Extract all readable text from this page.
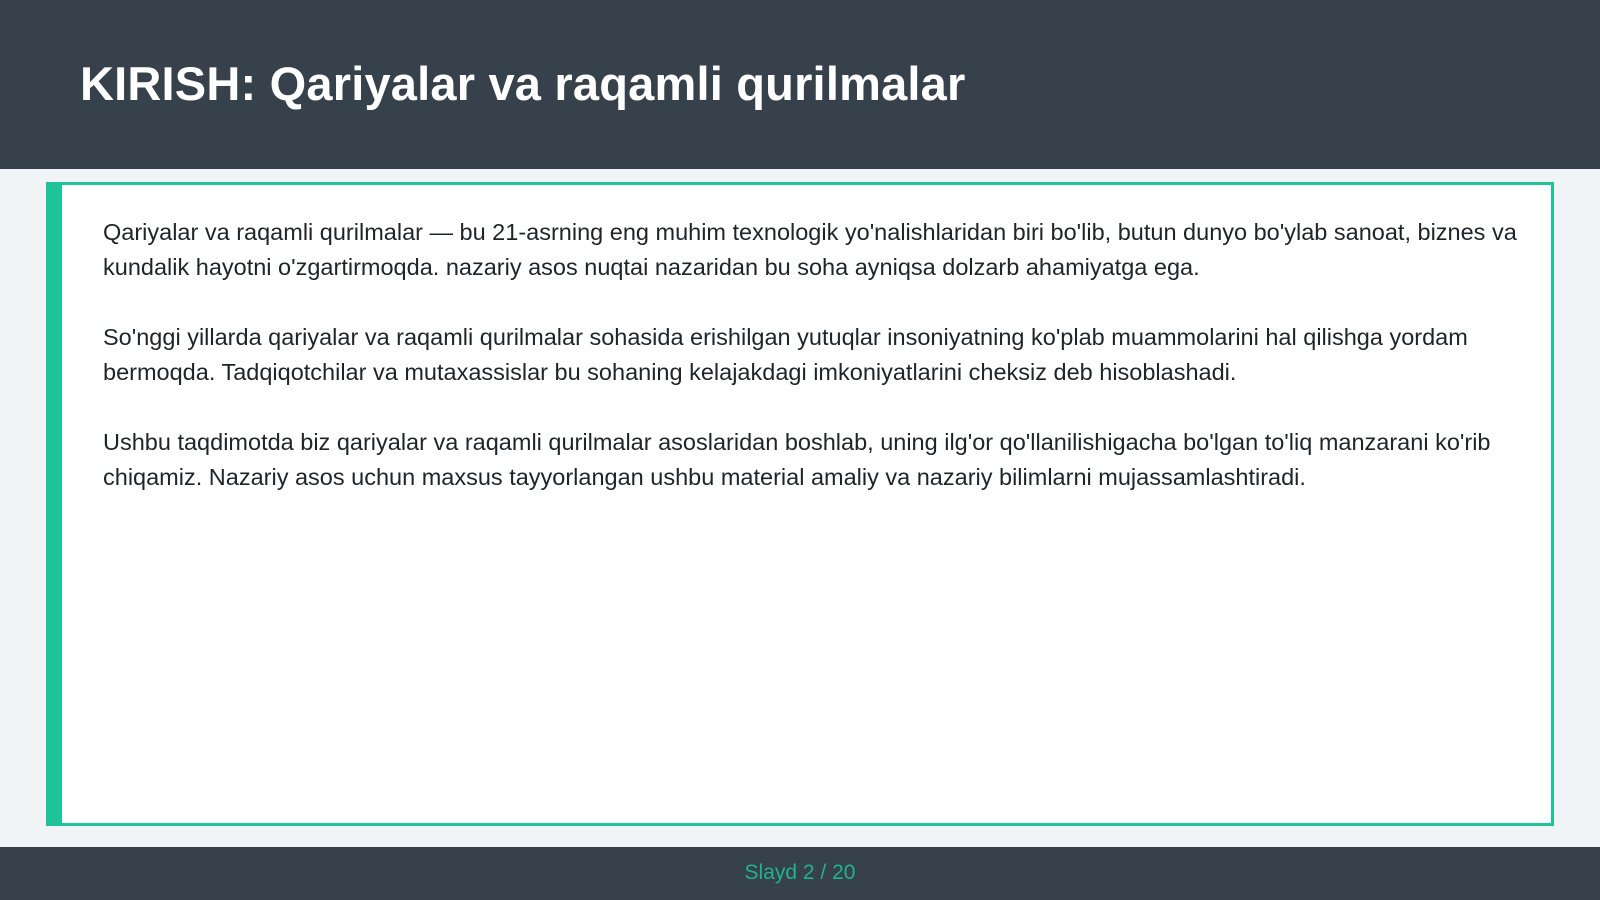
KIRISH: Qariyalar va raqamli qurilmalar

Qariyalar va raqamli qurilmalar — bu 21-asrning eng muhim texnologik yo'nalishlaridan biri bo'lib, butun dunyo bo'ylab sanoat, biznes va kundalik hayotni o'zgartirmoqda. nazariy asos nuqtai nazaridan bu soha ayniqsa dolzarb ahamiyatga ega.

So'nggi yillarda qariyalar va raqamli qurilmalar sohasida erishilgan yutuqlar insoniyatning ko'plab muammolarini hal qilishga yordam bermoqda. Tadqiqotchilar va mutaxassislar bu sohaning kelajakdagi imkoniyatlarini cheksiz deb hisoblashadi.

Ushbu taqdimotda biz qariyalar va raqamli qurilmalar asoslaridan boshlab, uning ilg'or qo'llanilishigacha bo'lgan to'liq manzarani ko'rib chiqamiz. Nazariy asos uchun maxsus tayyorlangan ushbu material amaliy va nazariy bilimlarni mujassamlashtiradi.

Slayd 2 / 20
